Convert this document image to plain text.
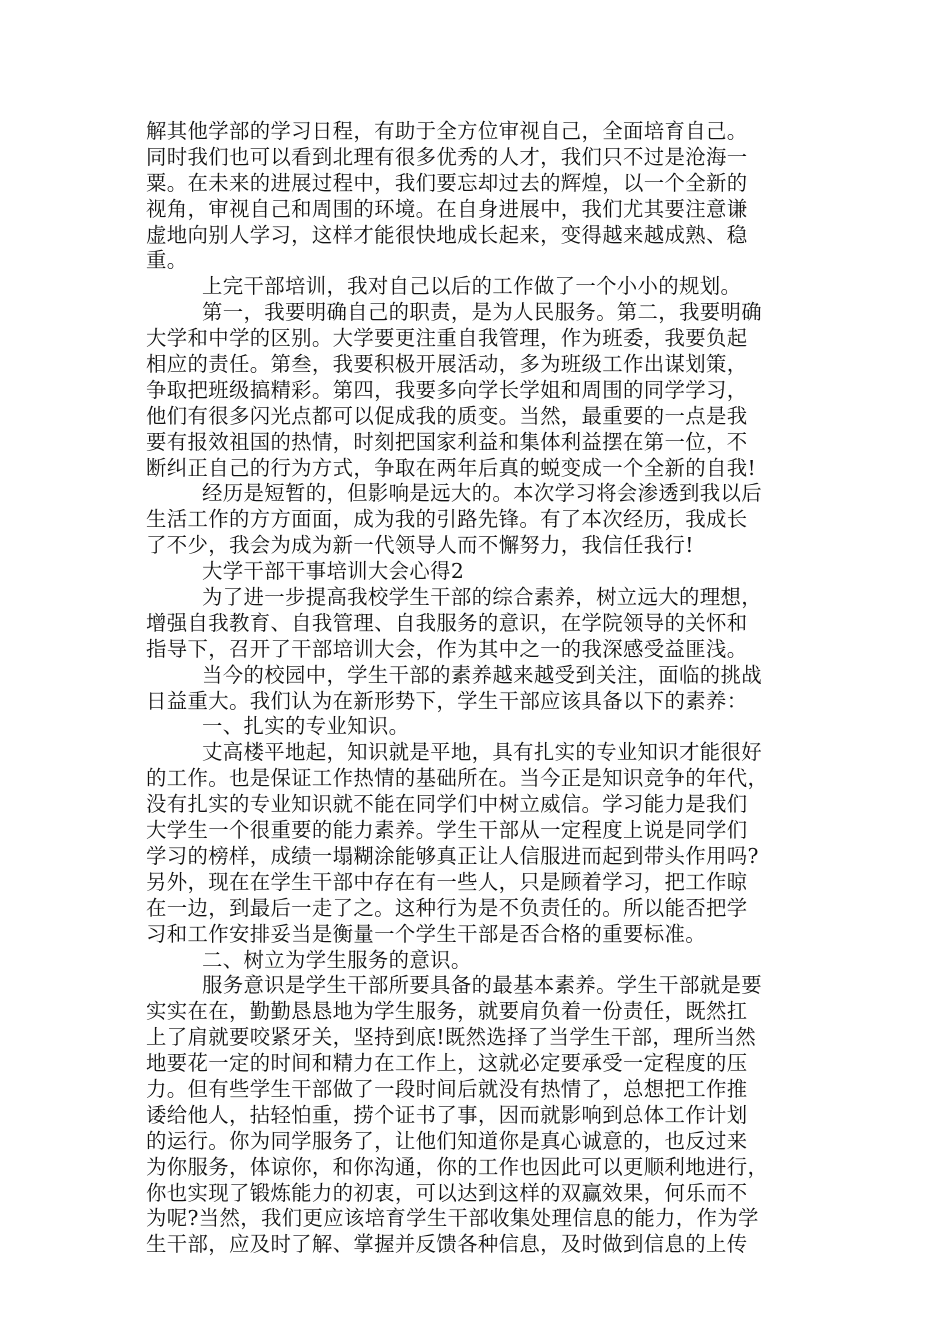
解其他学部的学习日程，有助于全方位审视自己，全面培育自己。
同时我们也可以看到北理有很多优秀的人才，我们只不过是沧海一
粟。在未来的进展过程中，我们要忘却过去的辉煌，以一个全新的
视角，审视自己和周围的环境。在自身进展中，我们尤其要注意谦
虚地向别人学习，这样才能很快地成长起来，变得越来越成熟、稳
重。
上完干部培训，我对自己以后的工作做了一个小小的规划。
第一，我要明确自己的职责，是为人民服务。第二，我要明确
大学和中学的区别。大学要更注重自我管理，作为班委，我要负起
相应的责任。第叁，我要积极开展活动，多为班级工作出谋划策，
争取把班级搞精彩。第四，我要多向学长学姐和周围的同学学习，
他们有很多闪光点都可以促成我的质变。当然，最重要的一点是我
要有报效祖国的热情，时刻把国家利益和集体利益摆在第一位，不
断纠正自己的行为方式，争取在两年后真的蜕变成一个全新的自我!
经历是短暂的，但影响是远大的。本次学习将会渗透到我以后
生活工作的方方面面，成为我的引路先锋。有了本次经历，我成长
了不少，我会为成为新一代领导人而不懈努力，我信任我行!
大学干部干事培训大会心得2
为了进一步提高我校学生干部的综合素养，树立远大的理想，
增强自我教育、自我管理、自我服务的意识，在学院领导的关怀和
指导下，召开了干部培训大会，作为其中之一的我深感受益匪浅。
当今的校园中，学生干部的素养越来越受到关注，面临的挑战
日益重大。我们认为在新形势下，学生干部应该具备以下的素养：
一、扎实的专业知识。
丈高楼平地起，知识就是平地，具有扎实的专业知识才能很好
的工作。也是保证工作热情的基础所在。当今正是知识竞争的年代，
没有扎实的专业知识就不能在同学们中树立威信。学习能力是我们
大学生一个很重要的能力素养。学生干部从一定程度上说是同学们
学习的榜样，成绩一塌糊涂能够真正让人信服进而起到带头作用吗?
另外，现在在学生干部中存在有一些人，只是顾着学习，把工作晾
在一边，到最后一走了之。这种行为是不负责任的。所以能否把学
习和工作安排妥当是衡量一个学生干部是否合格的重要标准。
二、树立为学生服务的意识。
服务意识是学生干部所要具备的最基本素养。学生干部就是要
实实在在，勤勤恳恳地为学生服务，就要肩负着一份责任，既然扛
上了肩就要咬紧牙关，坚持到底!既然选择了当学生干部，理所当然
地要花一定的时间和精力在工作上，这就必定要承受一定程度的压
力。但有些学生干部做了一段时间后就没有热情了，总想把工作推
诿给他人，拈轻怕重，捞个证书了事，因而就影响到总体工作计划
的运行。你为同学服务了，让他们知道你是真心诚意的，也反过来
为你服务，体谅你，和你沟通，你的工作也因此可以更顺利地进行，
你也实现了锻炼能力的初衷，可以达到这样的双赢效果，何乐而不
为呢?当然，我们更应该培育学生干部收集处理信息的能力，作为学
生干部，应及时了解、掌握并反馈各种信息，及时做到信息的上传
